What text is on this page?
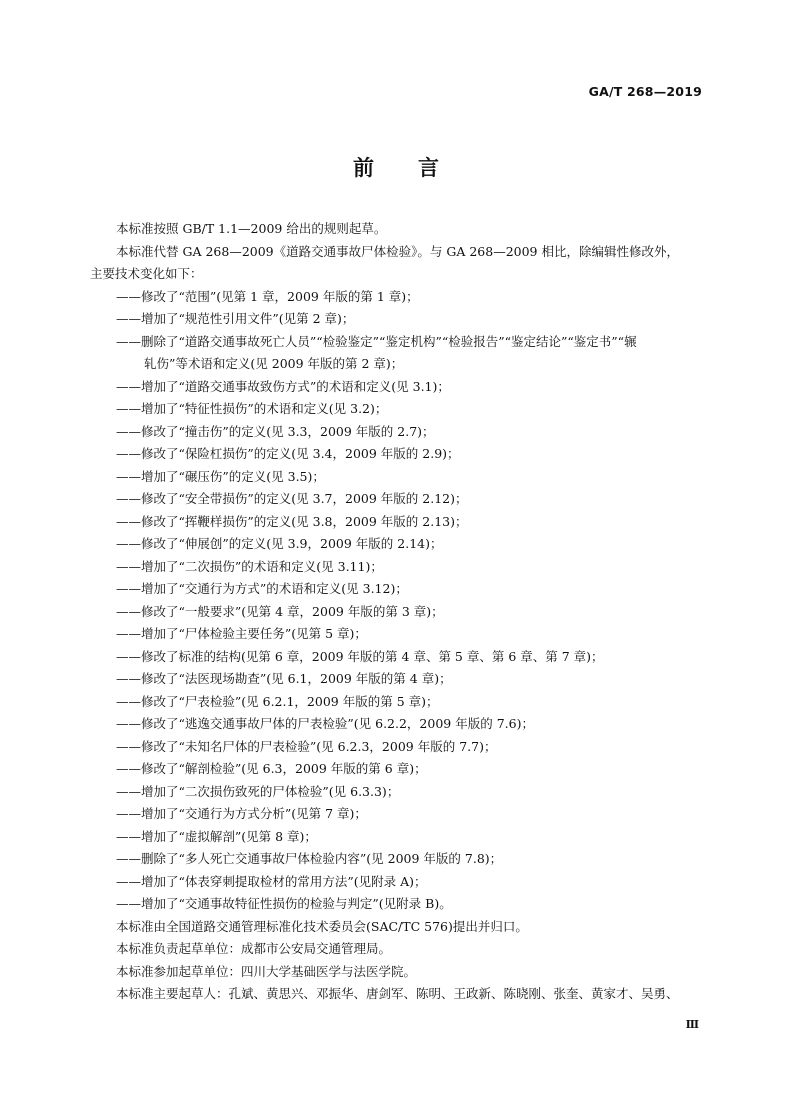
GA/T 268—2019
前言
本标准按照 GB/T 1.1—2009 给出的规则起草。
本标准代替 GA 268—2009《道路交通事故尸体检验》。与 GA 268—2009 相比，除编辑性修改外，
主要技术变化如下：
——修改了“范围”(见第 1 章，2009 年版的第 1 章)；
——增加了“规范性引用文件”(见第 2 章)；
——删除了“道路交通事故死亡人员”“检验鉴定”“鉴定机构”“检验报告”“鉴定结论”“鉴定书”“辗
轧伤”等术语和定义(见 2009 年版的第 2 章)；
——增加了“道路交通事故致伤方式”的术语和定义(见 3.1)；
——增加了“特征性损伤”的术语和定义(见 3.2)；
——修改了“撞击伤”的定义(见 3.3，2009 年版的 2.7)；
——修改了“保险杠损伤”的定义(见 3.4，2009 年版的 2.9)；
——增加了“碾压伤”的定义(见 3.5)；
——修改了“安全带损伤”的定义(见 3.7，2009 年版的 2.12)；
——修改了“挥鞭样损伤”的定义(见 3.8，2009 年版的 2.13)；
——修改了“伸展创”的定义(见 3.9，2009 年版的 2.14)；
——增加了“二次损伤”的术语和定义(见 3.11)；
——增加了“交通行为方式”的术语和定义(见 3.12)；
——修改了“一般要求”(见第 4 章，2009 年版的第 3 章)；
——增加了“尸体检验主要任务”(见第 5 章)；
——修改了标准的结构(见第 6 章，2009 年版的第 4 章、第 5 章、第 6 章、第 7 章)；
——修改了“法医现场勘查”(见 6.1，2009 年版的第 4 章)；
——修改了“尸表检验”(见 6.2.1，2009 年版的第 5 章)；
——修改了“逃逸交通事故尸体的尸表检验”(见 6.2.2，2009 年版的 7.6)；
——修改了“未知名尸体的尸表检验”(见 6.2.3，2009 年版的 7.7)；
——修改了“解剖检验”(见 6.3，2009 年版的第 6 章)；
——增加了“二次损伤致死的尸体检验”(见 6.3.3)；
——增加了“交通行为方式分析”(见第 7 章)；
——增加了“虚拟解剖”(见第 8 章)；
——删除了“多人死亡交通事故尸体检验内容”(见 2009 年版的 7.8)；
——增加了“体表穿刺提取检材的常用方法”(见附录 A)；
——增加了“交通事故特征性损伤的检验与判定”(见附录 B)。
本标准由全国道路交通管理标准化技术委员会(SAC/TC 576)提出并归口。
本标准负责起草单位：成都市公安局交通管理局。
本标准参加起草单位：四川大学基础医学与法医学院。
本标准主要起草人：孔斌、黄思兴、邓振华、唐剑军、陈明、王政新、陈晓刚、张奎、黄家才、吴勇、
Ⅲ
